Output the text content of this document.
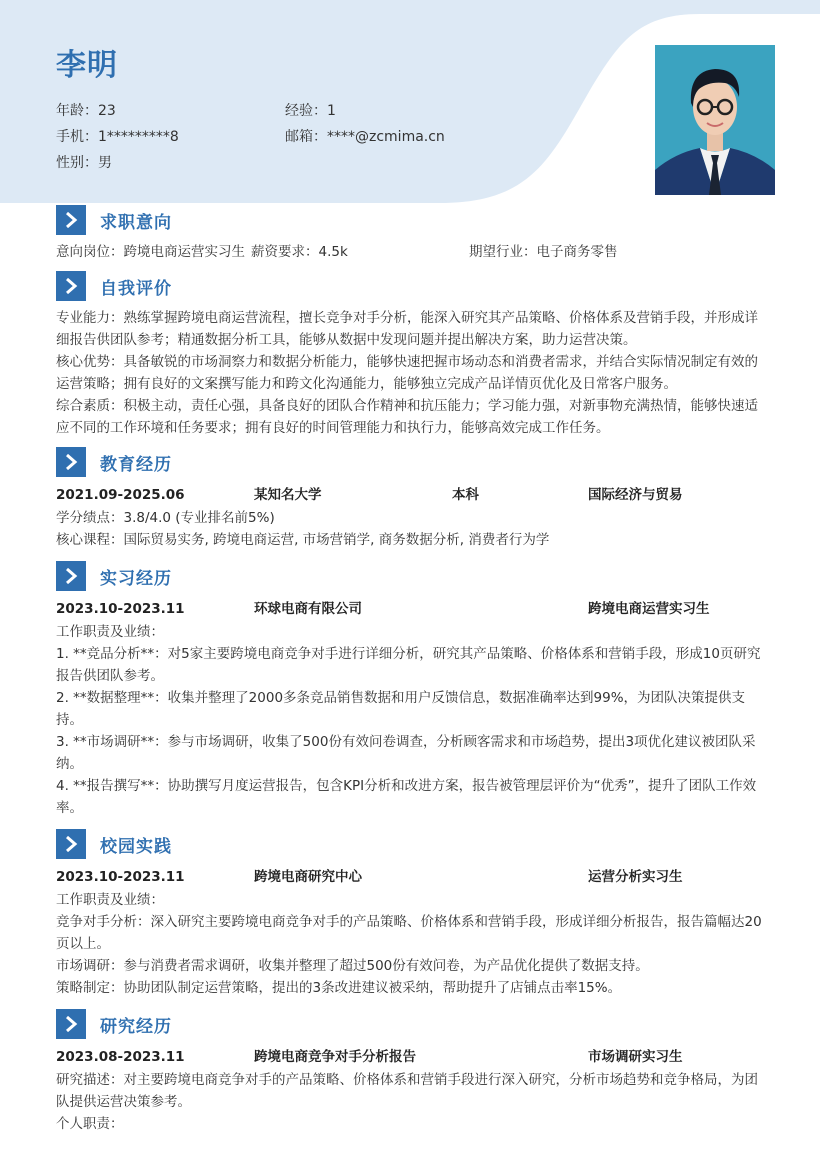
李明
年龄：23	经验：1
手机：1*********8	邮箱：****@zcmima.cn
性别：男
求职意向
意向岗位：跨境电商运营实习生 薪资要求：4.5k	期望行业：电子商务零售
自我评价
专业能力：熟练掌握跨境电商运营流程，擅长竞争对手分析，能深入研究其产品策略、价格体系及营销手段，并形成详细报告供团队参考；精通数据分析工具，能够从数据中发现问题并提出解决方案，助力运营决策。
核心优势：具备敏锐的市场洞察力和数据分析能力，能够快速把握市场动态和消费者需求，并结合实际情况制定有效的运营策略；拥有良好的文案撰写能力和跨文化沟通能力，能够独立完成产品详情页优化及日常客户服务。
综合素质：积极主动，责任心强，具备良好的团队合作精神和抗压能力；学习能力强，对新事物充满热情，能够快速适应不同的工作环境和任务要求；拥有良好的时间管理能力和执行力，能够高效完成工作任务。
教育经历
2021.09-2025.06	某知名大学	本科	国际经济与贸易
学分绩点：3.8/4.0 (专业排名前5%)
核心课程：国际贸易实务, 跨境电商运营, 市场营销学, 商务数据分析, 消费者行为学
实习经历
2023.10-2023.11	环球电商有限公司	跨境电商运营实习生
工作职责及业绩：
1. **竞品分析**：对5家主要跨境电商竞争对手进行详细分析，研究其产品策略、价格体系和营销手段，形成10页研究报告供团队参考。
2. **数据整理**：收集并整理了2000多条竞品销售数据和用户反馈信息，数据准确率达到99%，为团队决策提供支持。
3. **市场调研**：参与市场调研，收集了500份有效问卷调查，分析顾客需求和市场趋势，提出3项优化建议被团队采纳。
4. **报告撰写**：协助撰写月度运营报告，包含KPI分析和改进方案，报告被管理层评价为“优秀”，提升了团队工作效率。
校园实践
2023.10-2023.11	跨境电商研究中心	运营分析实习生
工作职责及业绩：
竞争对手分析：深入研究主要跨境电商竞争对手的产品策略、价格体系和营销手段，形成详细分析报告，报告篇幅达20页以上。
市场调研：参与消费者需求调研，收集并整理了超过500份有效问卷，为产品优化提供了数据支持。
策略制定：协助团队制定运营策略，提出的3条改进建议被采纳，帮助提升了店铺点击率15%。
研究经历
2023.08-2023.11	跨境电商竞争对手分析报告	市场调研实习生
研究描述：对主要跨境电商竞争对手的产品策略、价格体系和营销手段进行深入研究，分析市场趋势和竞争格局，为团队提供运营决策参考。
个人职责：
